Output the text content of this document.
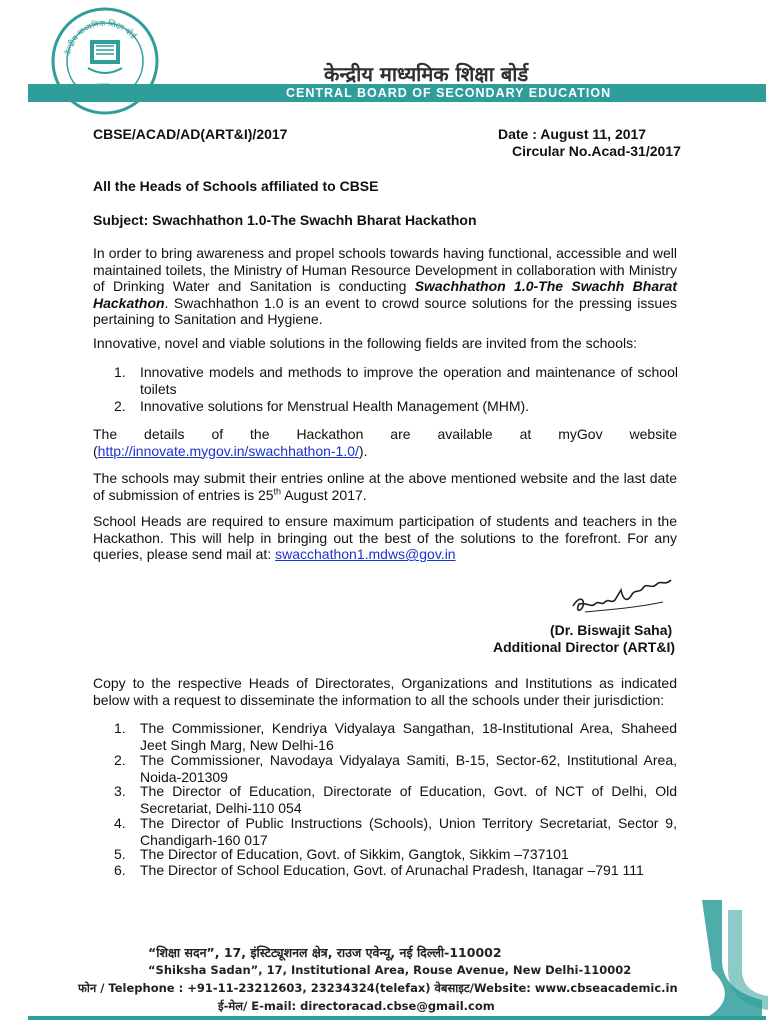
केन्द्रीय माध्यमिक शिक्षा बोर्ड
केन्द्रीय माध्यमिक शिक्षा बोर्ड
CENTRAL BOARD OF SECONDARY EDUCATION
CBSE/ACAD/AD(ART&I)/2017	Date : August 11, 2017
Circular No.Acad-31/2017
All the Heads of Schools affiliated to CBSE
Subject: Swachhathon 1.0-The Swachh Bharat Hackathon
In order to bring awareness and propel schools towards having functional, accessible and well maintained toilets, the Ministry of Human Resource Development in collaboration with Ministry of Drinking Water and Sanitation is conducting Swachhathon 1.0-The Swachh Bharat Hackathon. Swachhathon 1.0 is an event to crowd source solutions for the pressing issues pertaining to Sanitation and Hygiene.
Innovative, novel and viable solutions in the following fields are invited from the schools:
1.	Innovative models and methods to improve the operation and maintenance of school toilets
2.	Innovative solutions for Menstrual Health Management (MHM).
The details of the Hackathon are available at myGov website
(http://innovate.mygov.in/swachhathon-1.0/).
The schools may submit their entries online at the above mentioned website and the last date of submission of entries is 25th August 2017.
School Heads are required to ensure maximum participation of students and teachers in the Hackathon. This will help in bringing out the best of the solutions to the forefront. For any queries, please send mail at: swacchathon1.mdws@gov.in
(Dr. Biswajit Saha)
Additional Director (ART&I)
Copy to the respective Heads of Directorates, Organizations and Institutions as indicated below with a request to disseminate the information to all the schools under their jurisdiction:
1.	The Commissioner, Kendriya Vidyalaya Sangathan, 18-Institutional Area, Shaheed Jeet Singh Marg, New Delhi-16
2.	The Commissioner, Navodaya Vidyalaya Samiti, B-15, Sector-62, Institutional Area, Noida-201309
3.	The Director of Education, Directorate of Education, Govt. of NCT of Delhi, Old Secretariat, Delhi-110 054
4.	The Director of Public Instructions (Schools), Union Territory Secretariat, Sector 9, Chandigarh-160 017
5.	The Director of Education, Govt. of Sikkim, Gangtok, Sikkim –737101
6.	The Director of School Education, Govt. of Arunachal Pradesh, Itanagar –791 111
“शिक्षा सदन”, 17, इंस्टिट्यूशनल क्षेत्र, राउज एवेन्यू, नई दिल्ली-110002
“Shiksha Sadan”, 17, Institutional Area, Rouse Avenue, New Delhi-110002
फोन / Telephone : +91-11-23212603, 23234324(telefax) वेबसाइट/Website: www.cbseacademic.in
ई-मेल/ E-mail: directoracad.cbse@gmail.com
